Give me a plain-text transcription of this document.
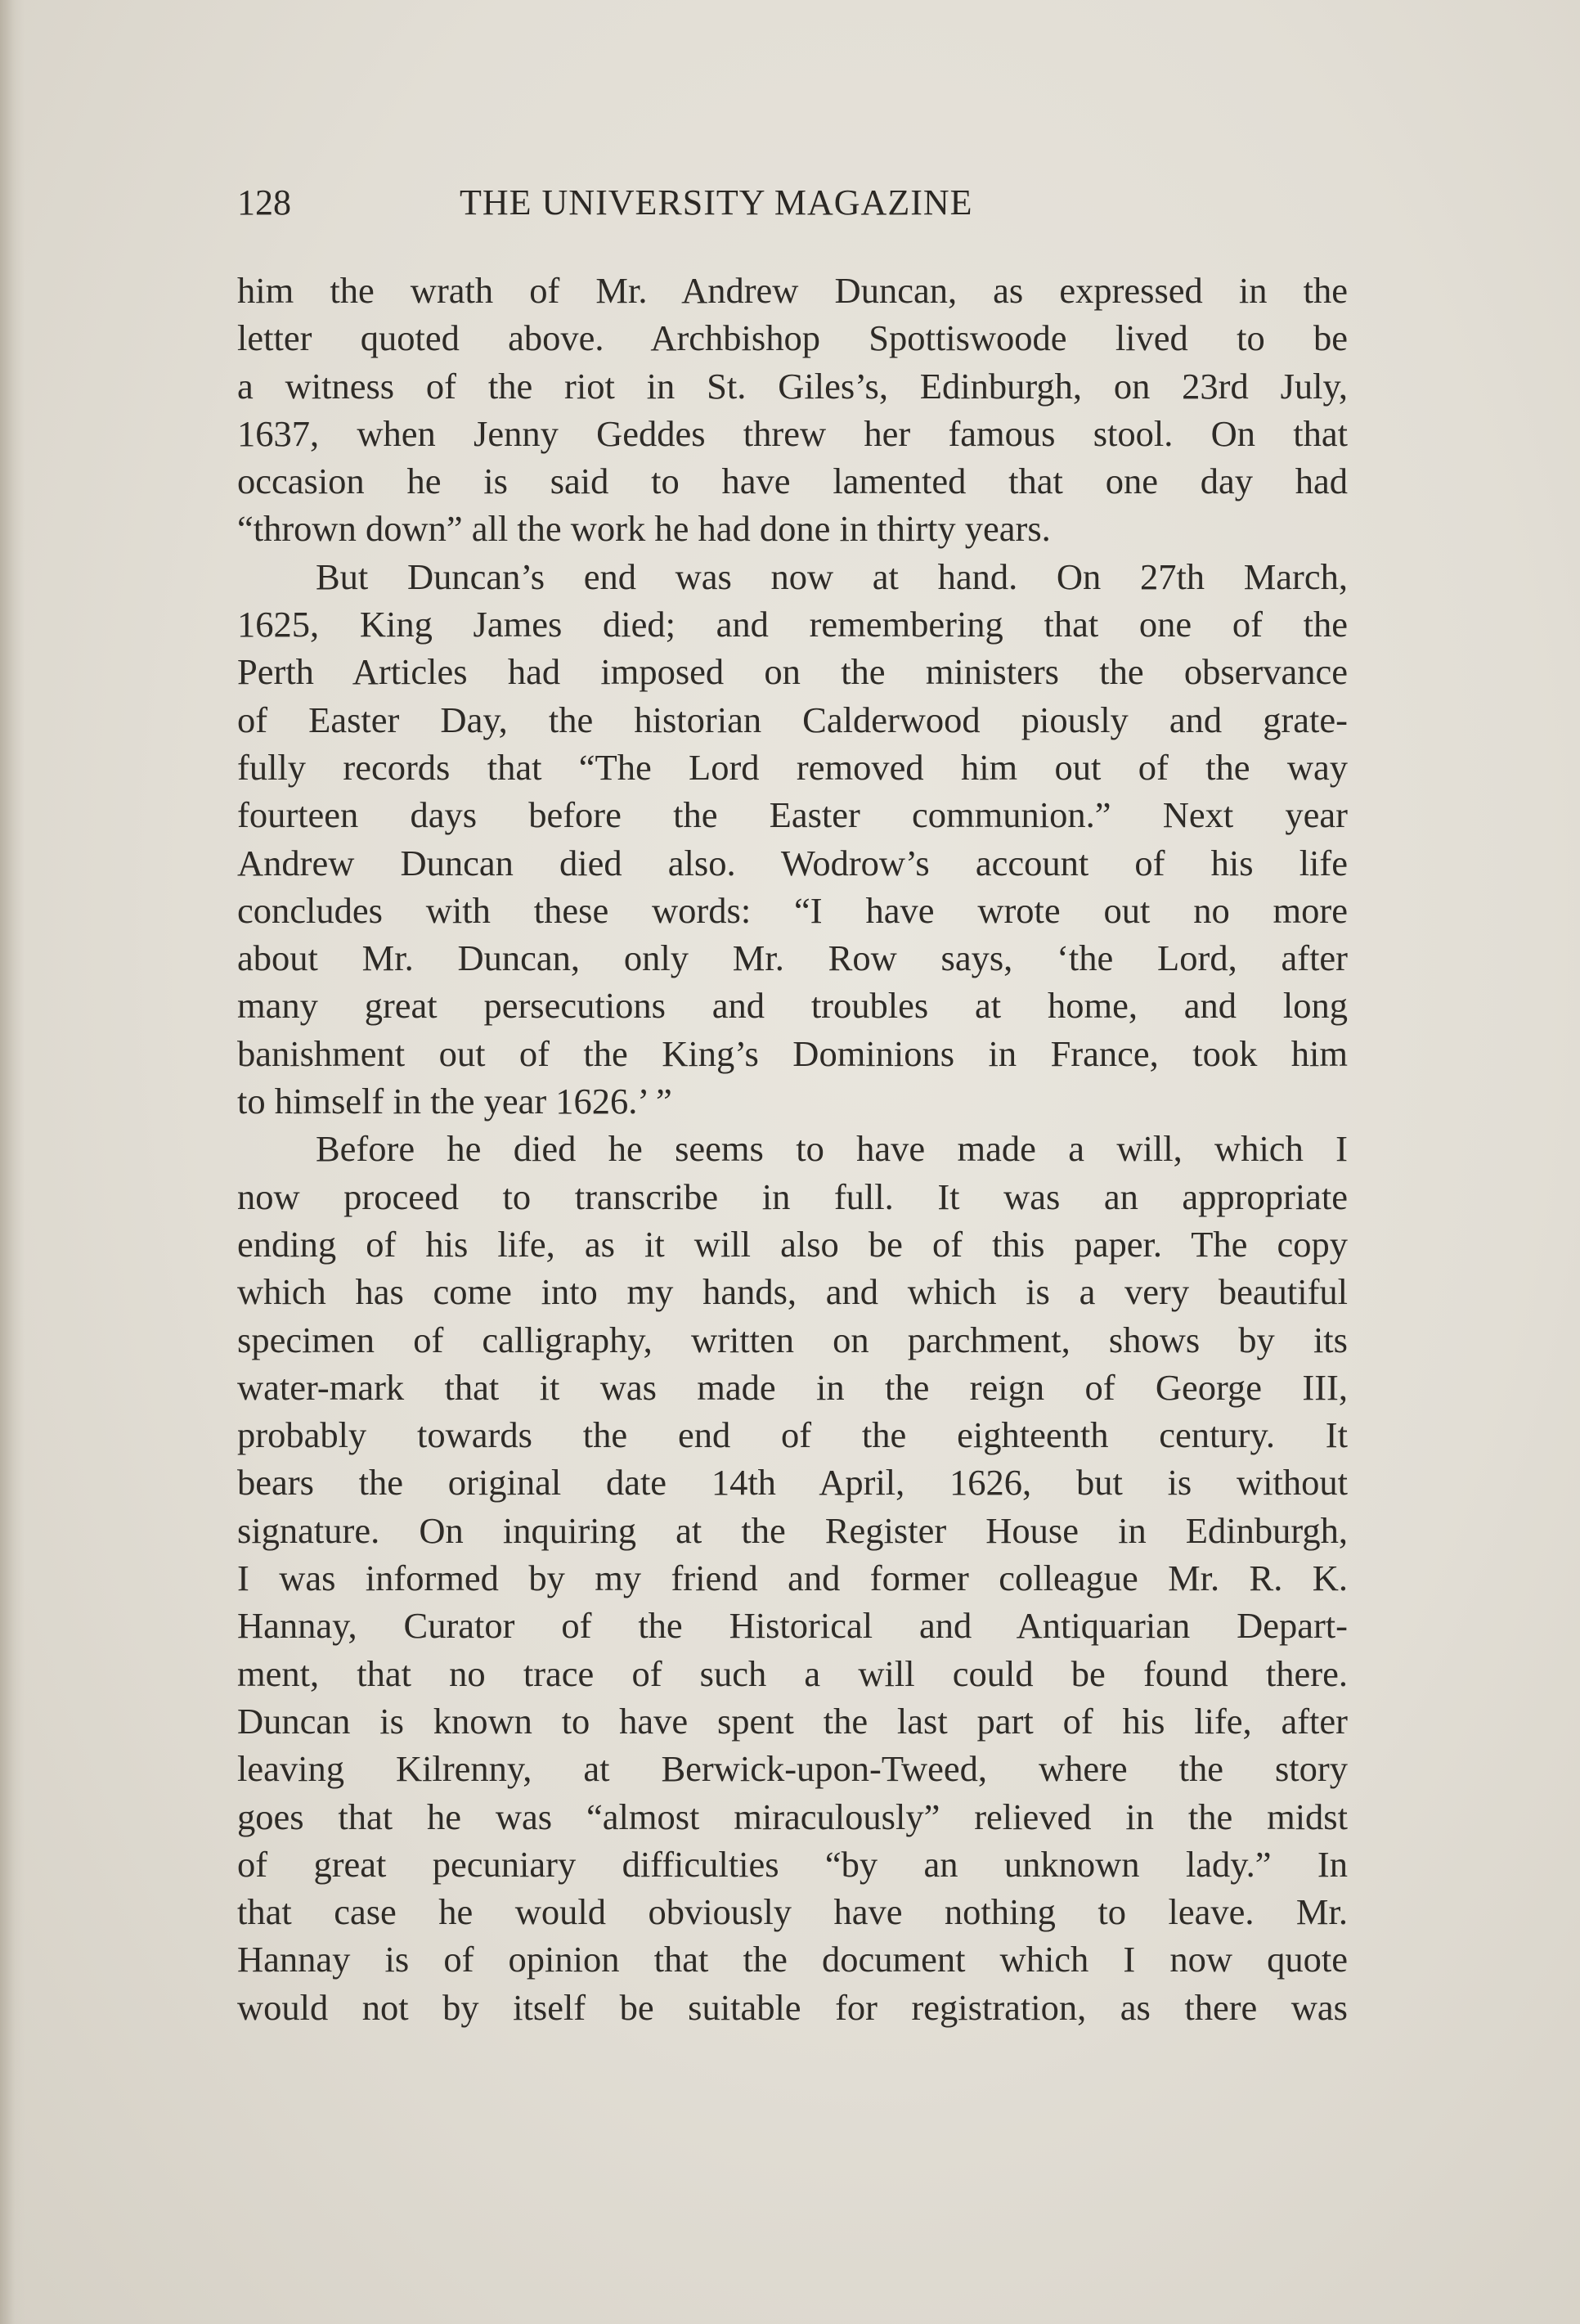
128	THE UNIVERSITY MAGAZINE
him the wrath of Mr. Andrew Duncan, as expressed in the
letter quoted above. Archbishop Spottiswoode lived to be
a witness of the riot in St. Giles’s, Edinburgh, on 23rd July,
1637, when Jenny Geddes threw her famous stool. On that
occasion he is said to have lamented that one day had
“thrown down” all the work he had done in thirty years.
But Duncan’s end was now at hand. On 27th March,
1625, King James died; and remembering that one of the
Perth Articles had imposed on the ministers the observance
of Easter Day, the historian Calderwood piously and grate-
fully records that “The Lord removed him out of the way
fourteen days before the Easter communion.” Next year
Andrew Duncan died also. Wodrow’s account of his life
concludes with these words: “I have wrote out no more
about Mr. Duncan, only Mr. Row says, ‘the Lord, after
many great persecutions and troubles at home, and long
banishment out of the King’s Dominions in France, took him
to himself in the year 1626.’ ”
Before he died he seems to have made a will, which I
now proceed to transcribe in full. It was an appropriate
ending of his life, as it will also be of this paper. The copy
which has come into my hands, and which is a very beautiful
specimen of calligraphy, written on parchment, shows by its
water-mark that it was made in the reign of George III,
probably towards the end of the eighteenth century. It
bears the original date 14th April, 1626, but is without
signature. On inquiring at the Register House in Edinburgh,
I was informed by my friend and former colleague Mr. R. K.
Hannay, Curator of the Historical and Antiquarian Depart-
ment, that no trace of such a will could be found there.
Duncan is known to have spent the last part of his life, after
leaving Kilrenny, at Berwick-upon-Tweed, where the story
goes that he was “almost miraculously” relieved in the midst
of great pecuniary difficulties “by an unknown lady.” In
that case he would obviously have nothing to leave. Mr.
Hannay is of opinion that the document which I now quote
would not by itself be suitable for registration, as there was
